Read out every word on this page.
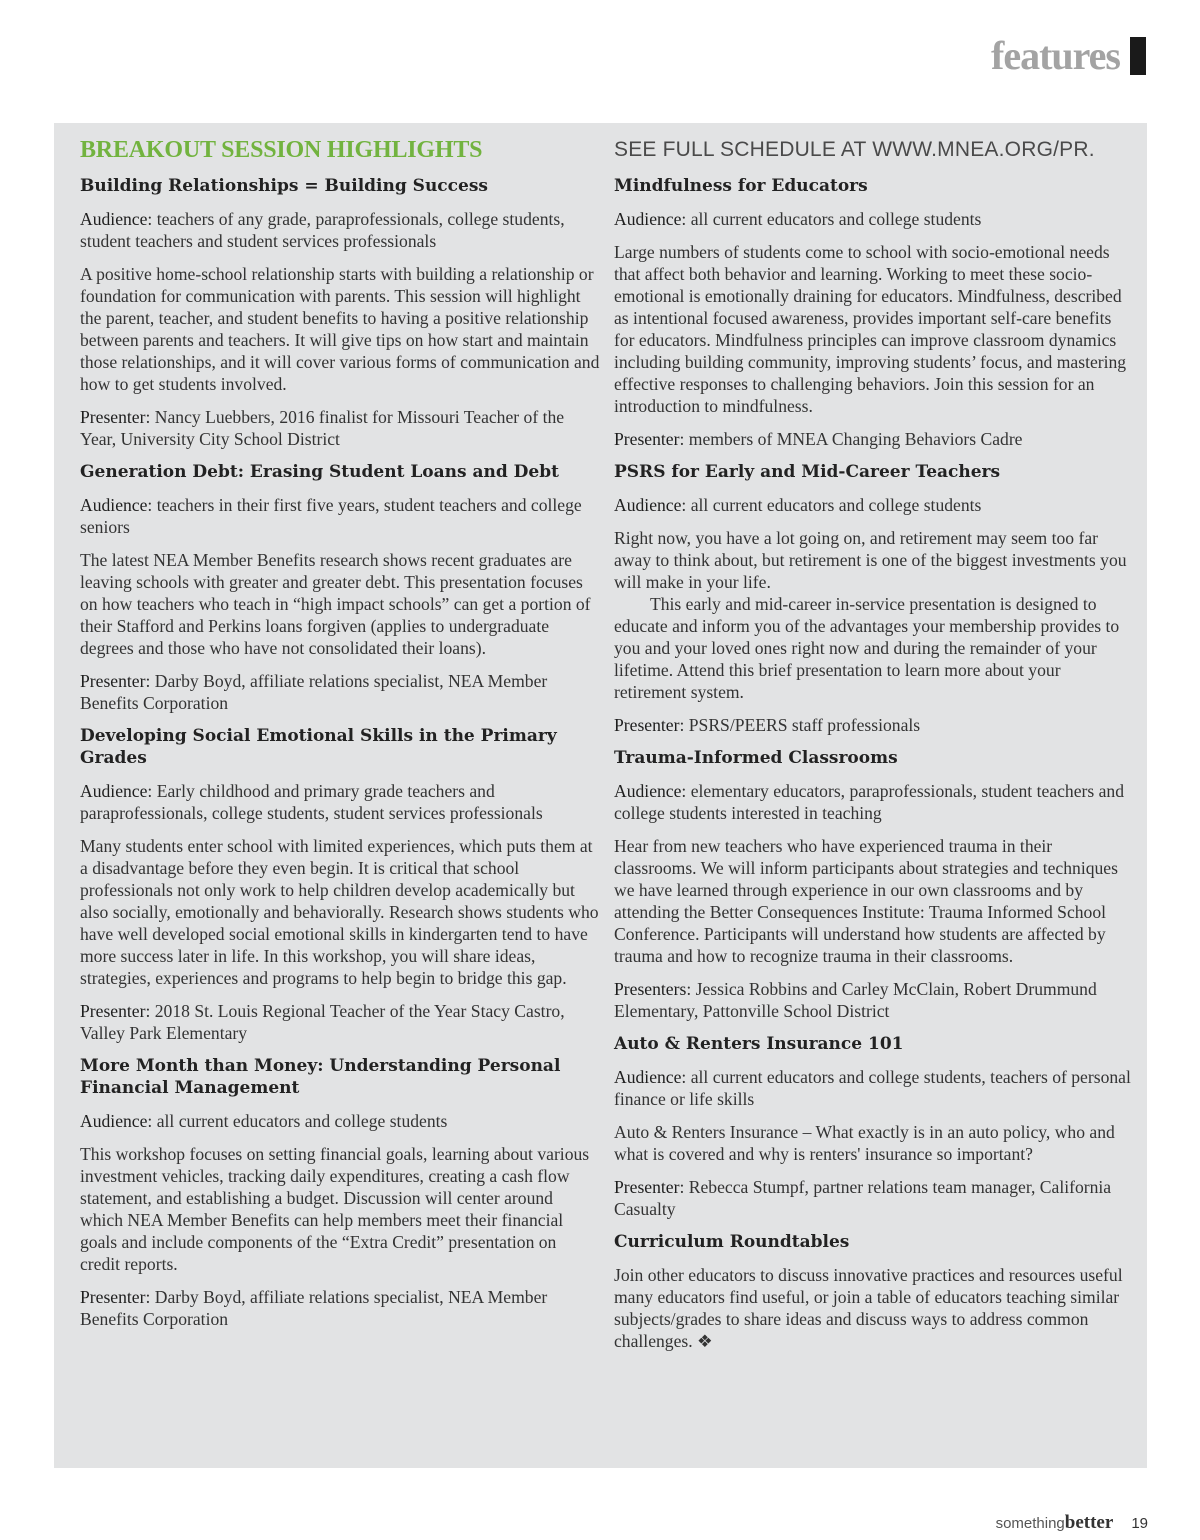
features
BREAKOUT SESSION HIGHLIGHTS
Building Relationships = Building Success

Audience: teachers of any grade, paraprofessionals, college students, student teachers and student services professionals

A positive home-school relationship starts with building a relationship or foundation for communication with parents. This session will highlight the parent, teacher, and student benefits to having a positive relationship between parents and teachers. It will give tips on how start and maintain those relationships, and it will cover various forms of communication and how to get students involved.

Presenter: Nancy Luebbers, 2016 finalist for Missouri Teacher of the Year, University City School District

Generation Debt: Erasing Student Loans and Debt

Audience: teachers in their first five years, student teachers and college seniors

The latest NEA Member Benefits research shows recent graduates are leaving schools with greater and greater debt. This presentation focuses on how teachers who teach in “high impact schools” can get a portion of their Stafford and Perkins loans forgiven (applies to undergraduate degrees and those who have not consolidated their loans).

Presenter: Darby Boyd, affiliate relations specialist, NEA Member Benefits Corporation

Developing Social Emotional Skills in the Primary Grades

Audience: Early childhood and primary grade teachers and paraprofessionals, college students, student services professionals

Many students enter school with limited experiences, which puts them at a disadvantage before they even begin. It is critical that school professionals not only work to help children develop academically but also socially, emotionally and behaviorally. Research shows students who have well developed social emotional skills in kindergarten tend to have more success later in life. In this workshop, you will share ideas, strategies, experiences and programs to help begin to bridge this gap.

Presenter: 2018 St. Louis Regional Teacher of the Year Stacy Castro, Valley Park Elementary

More Month than Money: Understanding Personal Financial Management

Audience: all current educators and college students

This workshop focuses on setting financial goals, learning about various investment vehicles, tracking daily expenditures, creating a cash flow statement, and establishing a budget. Discussion will center around which NEA Member Benefits can help members meet their financial goals and include components of the “Extra Credit” presentation on credit reports.

Presenter: Darby Boyd, affiliate relations specialist, NEA Member Benefits Corporation

SEE FULL SCHEDULE AT WWW.MNEA.ORG/PR.
Mindfulness for Educators

Audience: all current educators and college students

Large numbers of students come to school with socio-emotional needs that affect both behavior and learning. Working to meet these socio-emotional is emotionally draining for educators. Mindfulness, described as intentional focused awareness, provides important self-care benefits for educators. Mindfulness principles can improve classroom dynamics including building community, improving students’ focus, and mastering effective responses to challenging behaviors. Join this session for an introduction to mindfulness.

Presenter: members of MNEA Changing Behaviors Cadre

PSRS for Early and Mid-Career Teachers

Audience: all current educators and college students

Right now, you have a lot going on, and retirement may seem too far away to think about, but retirement is one of the biggest investments you will make in your life.

This early and mid-career in-service presentation is designed to educate and inform you of the advantages your membership provides to you and your loved ones right now and during the remainder of your lifetime. Attend this brief presentation to learn more about your retirement system.

Presenter: PSRS/PEERS staff professionals

Trauma-Informed Classrooms

Audience: elementary educators, paraprofessionals, student teachers and college students interested in teaching

Hear from new teachers who have experienced trauma in their classrooms. We will inform participants about strategies and techniques we have learned through experience in our own classrooms and by attending the Better Consequences Institute: Trauma Informed School Conference. Participants will understand how students are affected by trauma and how to recognize trauma in their classrooms.

Presenters: Jessica Robbins and Carley McClain, Robert Drummund Elementary, Pattonville School District

Auto & Renters Insurance 101

Audience: all current educators and college students, teachers of personal finance or life skills

Auto & Renters Insurance – What exactly is in an auto policy, who and what is covered and why is renters' insurance so important?

Presenter: Rebecca Stumpf, partner relations team manager, California Casualty

Curriculum Roundtables

Join other educators to discuss innovative practices and resources useful many educators find useful, or join a table of educators teaching similar subjects/grades to share ideas and discuss ways to address common challenges. ❖

something better 19
